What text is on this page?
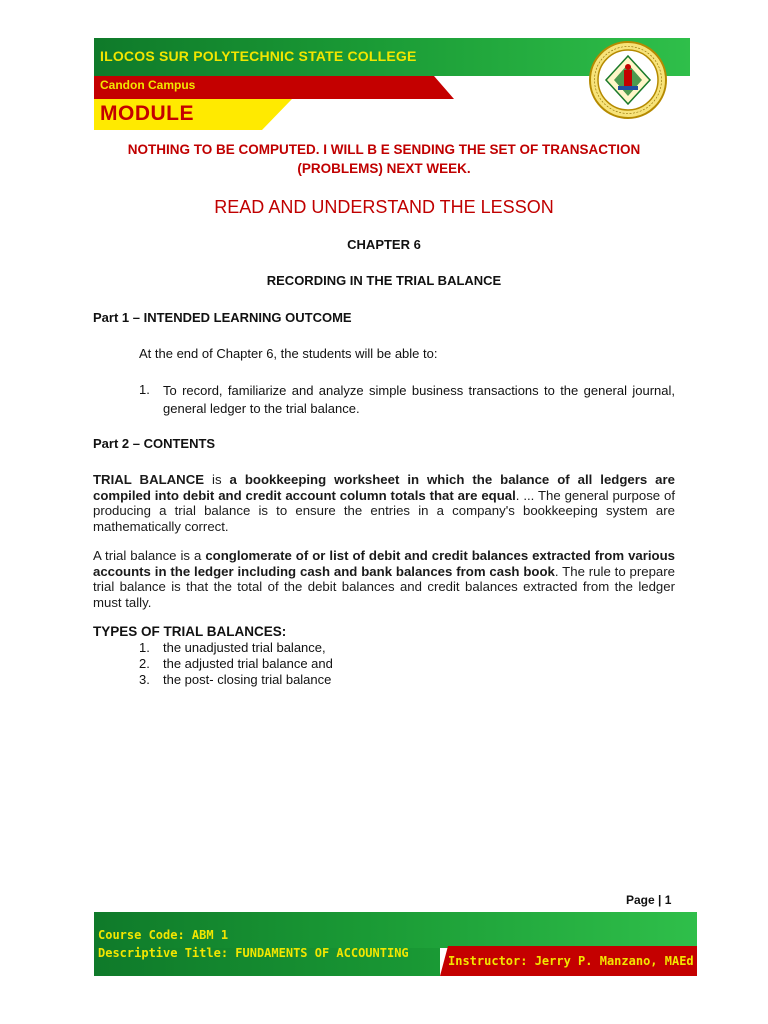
ILOCOS SUR POLYTECHNIC STATE COLLEGE
Candon Campus
MODULE
NOTHING TO BE COMPUTED. I WILL B E SENDING THE SET OF TRANSACTION (PROBLEMS) NEXT WEEK.
READ AND UNDERSTAND THE LESSON
CHAPTER 6
RECORDING IN THE TRIAL BALANCE
Part 1 – INTENDED LEARNING OUTCOME
At the end of Chapter 6, the students will be able to:
1. To record, familiarize and analyze simple business transactions to the general journal, general ledger to the trial balance.
Part 2 – CONTENTS
TRIAL BALANCE is a bookkeeping worksheet in which the balance of all ledgers are compiled into debit and credit account column totals that are equal. ... The general purpose of producing a trial balance is to ensure the entries in a company's bookkeeping system are mathematically correct.
A trial balance is a conglomerate of or list of debit and credit balances extracted from various accounts in the ledger including cash and bank balances from cash book. The rule to prepare trial balance is that the total of the debit balances and credit balances extracted from the ledger must tally.
TYPES OF TRIAL BALANCES:
1. the unadjusted trial balance,
2. the adjusted trial balance and
3. the post- closing trial balance
Page | 1
Course Code: ABM 1
Descriptive Title: FUNDAMENTS OF ACCOUNTING
Instructor: Jerry P. Manzano, MAEd
